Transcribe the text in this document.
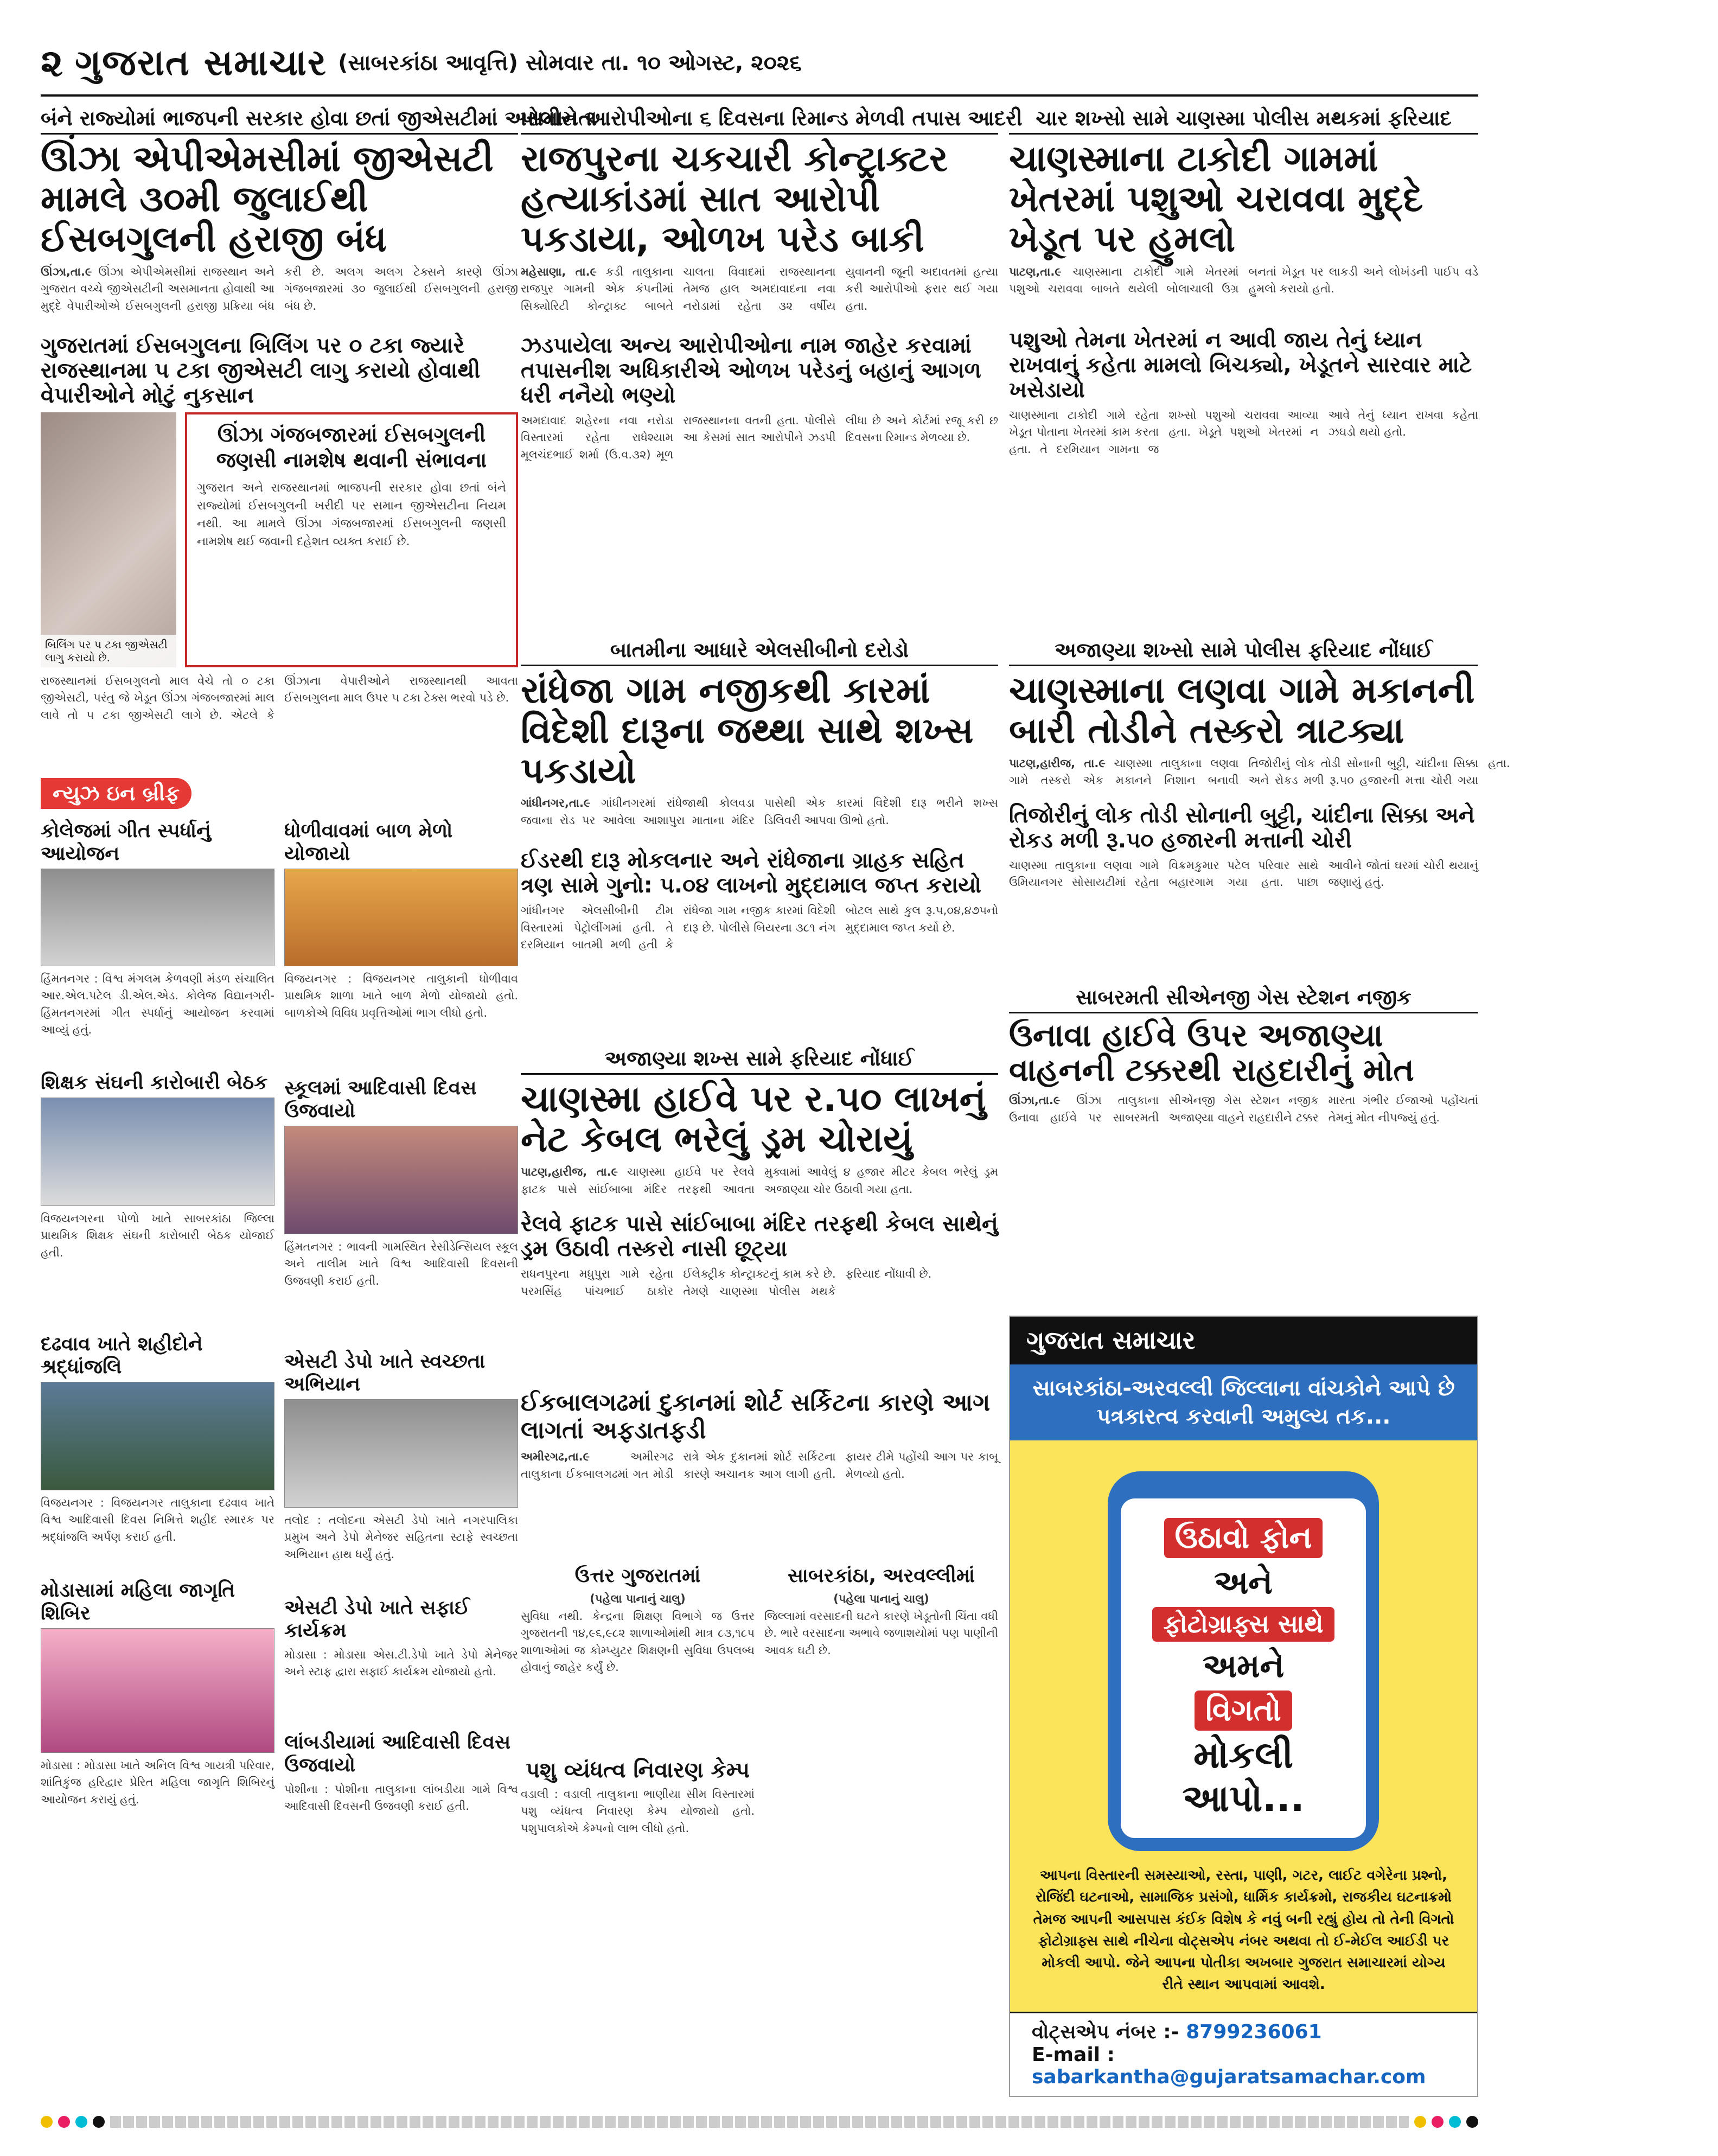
૨ ગુજરાત સમાચાર (સાબરકાંઠા આવૃત્તિ) સોમવાર તા. ૧૦ ઓગસ્ટ, ૨૦૨૬
બંને રાજ્યોમાં ભાજપની સરકાર હોવા છતાં જીએસટીમાં અસમાનતા
ઊંઝા એપીએમસીમાં જીએસટી મામલે ૩૦મી જુલાઈથી ઈસબગુલની હરાજી બંધ
ઊંઝા,તા.૯ ઊંઝા એપીએમસીમાં રાજસ્થાન અને ગુજરાત વચ્ચે જીએસટીની અસમાનતા હોવાથી આ મુદ્દે વેપારીઓએ ઈસબગુલની હરાજી પ્રક્રિયા બંધ કરી છે. અલગ અલગ ટેક્સને કારણે ઊંઝા ગંજબજારમાં ૩૦ જુલાઈથી ઈસબગુલની હરાજી બંધ છે.
ગુજરાતમાં ઈસબગુલના બિલિંગ પર ૦ ટકા જ્યારે રાજસ્થાનમા ૫ ટકા જીએસટી લાગુ કરાયો હોવાથી વેપારીઓને મોટું નુકસાન
બિલિંગ પર ૫ ટકા જીએસટી લાગુ કરાયો છે.
ઊંઝા ગંજબજારમાં ઈસબગુલની જણસી નામશેષ થવાની સંભાવના
ગુજરાત અને રાજસ્થાનમાં ભાજપની સરકાર હોવા છતાં બંને રાજ્યોમાં ઈસબગુલની ખરીદી પર સમાન જીએસટીના નિયમ નથી. આ મામલે ઊંઝા ગંજબજારમાં ઈસબગુલની જણસી નામશેષ થઈ જવાની દહેશત વ્યક્ત કરાઈ છે.
રાજસ્થાનમાં ઈસબગુલનો માલ વેચે તો ૦ ટકા જીએસટી, પરંતુ જે ખેડૂત ઊંઝા ગંજબજારમાં માલ લાવે તો ૫ ટકા જીએસટી લાગે છે. એટલે કે ઊંઝાના વેપારીઓને રાજસ્થાનથી આવતા ઈસબગુલના માલ ઉપર ૫ ટકા ટેક્સ ભરવો પડે છે.
ન્યુઝ ઇન બ્રીફ
કોલેજમાં ગીત સ્પર્ધાનું આયોજન
હિંમતનગર : વિશ્વ મંગલમ કેળવણી મંડળ સંચાલિત આર.એલ.પટેલ ડી.એલ.એડ. કોલેજ વિદ્યાનગરી-હિંમતનગરમાં ગીત સ્પર્ધાનું આયોજન કરવામાં આવ્યું હતું.
શિક્ષક સંઘની કારોબારી બેઠક
વિજયનગરના પોળો ખાતે સાબરકાંઠા જિલ્લા પ્રાથમિક શિક્ષક સંઘની કારોબારી બેઠક યોજાઈ હતી.
દઢવાવ ખાતે શહીદોને શ્રદ્ધાંજલિ
વિજયનગર : વિજયનગર તાલુકાના દઢવાવ ખાતે વિશ્વ આદિવાસી દિવસ નિમિત્તે શહીદ સ્મારક પર શ્રદ્ધાંજલિ અર્પણ કરાઈ હતી.
મોડાસામાં મહિલા જાગૃતિ શિબિર
મોડાસા : મોડાસા ખાતે અનિલ વિશ્વ ગાયત્રી પરિવાર, શાંતિકુંજ હરિદ્વાર પ્રેરિત મહિલા જાગૃતિ શિબિરનું આયોજન કરાયું હતું.
ધોળીવાવમાં બાળ મેળો યોજાયો
વિજયનગર : વિજયનગર તાલુકાની ધોળીવાવ પ્રાથમિક શાળા ખાતે બાળ મેળો યોજાયો હતો. બાળકોએ વિવિધ પ્રવૃત્તિઓમાં ભાગ લીધો હતો.
સ્કૂલમાં આદિવાસી દિવસ ઉજવાયો
હિંમતનગર : ભાવની ગામસ્થિત રેસીડેન્સિયલ સ્કૂલ અને તાલીમ ખાતે વિશ્વ આદિવાસી દિવસની ઉજવણી કરાઈ હતી.
એસટી ડેપો ખાતે સ્વચ્છતા અભિયાન
તલોદ : તલોદના એસટી ડેપો ખાતે નગરપાલિકા પ્રમુખ અને ડેપો મેનેજર સહિતના સ્ટાફે સ્વચ્છતા અભિયાન હાથ ધર્યું હતું.
એસટી ડેપો ખાતે સફાઈ કાર્યક્રમ
મોડાસા : મોડાસા એસ.ટી.ડેપો ખાતે ડેપો મેનેજર અને સ્ટાફ દ્વારા સફાઈ કાર્યક્રમ યોજાયો હતો.
લાંબડીયામાં આદિવાસી દિવસ ઉજવાયો
પોશીના : પોશીના તાલુકાના લાંબડીયા ગામે વિશ્વ આદિવાસી દિવસની ઉજવણી કરાઈ હતી.
પોલીસે આરોપીઓના ૬ દિવસના રિમાન્ડ મેળવી તપાસ આદરી
રાજપુરના ચકચારી કોન્ટ્રાક્ટર હત્યાકાંડમાં સાત આરોપી પકડાયા, ઓળખ પરેડ બાકી
મહેસાણા, તા.૯ કડી તાલુકાના રાજપુર ગામની એક કંપનીમાં સિક્યોરિટી કોન્ટ્રાક્ટ બાબતે ચાલતા વિવાદમાં રાજસ્થાનના તેમજ હાલ અમદાવાદના નવા નરોડામાં રહેતા ૩૨ વર્ષીય યુવાનની જૂની અદાવતમાં હત્યા કરી આરોપીઓ ફરાર થઈ ગયા હતા.
ઝડપાયેલા અન્ય આરોપીઓના નામ જાહેર કરવામાં તપાસનીશ અધિકારીએ ઓળખ પરેડનું બહાનું આગળ ધરી નનૈયો ભણ્યો
અમદાવાદ શહેરના નવા નરોડા વિસ્તારમાં રહેતા રાધેશ્યામ મૂલચંદભાઈ શર્મા (ઉ.વ.૩૨) મૂળ રાજસ્થાનના વતની હતા. પોલીસે આ કેસમાં સાત આરોપીને ઝડપી લીધા છે અને કોર્ટમાં રજૂ કરી છ દિવસના રિમાન્ડ મેળવ્યા છે.
બાતમીના આધારે એલસીબીનો દરોડો
રાંધેજા ગામ નજીકથી કારમાં વિદેશી દારૂના જથ્થા સાથે શખ્સ પકડાયો
ગાંધીનગર,તા.૯ ગાંધીનગરમાં રાંધેજાથી કોલવડા જવાના રોડ પર આવેલા આશાપુરા માતાના મંદિર પાસેથી એક કારમાં વિદેશી દારૂ ભરીને શખ્સ ડિલિવરી આપવા ઊભો હતો.
ઈડરથી દારૂ મોકલનાર અને રાંધેજાના ગ્રાહક સહિત ત્રણ સામે ગુનો: ૫.૦૪ લાખનો મુદ્દામાલ જપ્ત કરાયો
ગાંધીનગર એલસીબીની ટીમ વિસ્તારમાં પેટ્રોલીંગમાં હતી. તે દરમિયાન બાતમી મળી હતી કે રાંધેજા ગામ નજીક કારમાં વિદેશી દારૂ છે. પોલીસે બિયરના ૩૮૧ નંગ બોટલ સાથે કુલ રૂ.૫,૦૪,૪૭૫નો મુદ્દામાલ જપ્ત કર્યો છે.
અજાણ્યા શખ્સ સામે ફરિયાદ નોંધાઈ
ચાણસ્મા હાઈવે પર ર.૫૦ લાખનું નેટ કેબલ ભરેલું ડ્રમ ચોરાયું
પાટણ,હારીજ, તા.૯ ચાણસ્મા હાઈવે પર રેલવે ફાટક પાસે સાંઈબાબા મંદિર તરફથી આવતા મુક્વામાં આવેલું ૪ હજાર મીટર કેબલ ભરેલું ડ્રમ અજાણ્યા ચોર ઉઠાવી ગયા હતા.
રેલવે ફાટક પાસે સાંઈબાબા મંદિર તરફથી કેબલ સાથેનું ડ્રમ ઉઠાવી તસ્કરો નાસી છૂટ્યા
રાધનપુરના મધુપુરા ગામે રહેતા પરમસિંહ પાંચભાઈ ઠાકોર ઈલેક્ટ્રીક કોન્ટ્રાક્ટનું કામ કરે છે. તેમણે ચાણસ્મા પોલીસ મથકે ફરિયાદ નોંધાવી છે.
ઈકબાલગઢમાં દુકાનમાં શોર્ટ સર્કિટના કારણે આગ લાગતાં અફડાતફડી
અમીરગઢ,તા.૯	અમીરગઢ તાલુકાના ઈકબાલગઢમાં ગત મોડી રાત્રે એક દુકાનમાં શોર્ટ સર્કિટના કારણે અચાનક આગ લાગી હતી. ફાયર ટીમે પહોંચી આગ પર કાબૂ મેળવ્યો હતો.
ઉત્તર ગુજરાતમાં
(પહેલા પાનાનું ચાલુ)
સુવિધા નથી. કેન્દ્રના શિક્ષણ વિભાગે જ ઉત્તર ગુજરાતની ૧૪,૯૬,૯૮૨ શાળાઓમાંથી માત્ર ૮૩,૧૮૫ શાળાઓમાં જ કોમ્પ્યુટર શિક્ષણની સુવિધા ઉપલબ્ધ હોવાનું જાહેર કર્યું છે.
પશુ વ્યંધત્વ નિવારણ કેમ્પ
વડાલી : વડાલી તાલુકાના ભાણીયા સીમ વિસ્તારમાં પશુ વ્યંધત્વ નિવારણ કેમ્પ યોજાયો હતો. પશુપાલકોએ કેમ્પનો લાભ લીધો હતો.
સાબરકાંઠા, અરવલ્લીમાં
(પહેલા પાનાનું ચાલુ)
જિલ્લામાં વરસાદની ઘટને કારણે ખેડૂતોની ચિંતા વધી છે. ભારે વરસાદના અભાવે જળાશયોમાં પણ પાણીની આવક ઘટી છે.
ચાર શખ્સો સામે ચાણસ્મા પોલીસ મથકમાં ફરિયાદ
ચાણસ્માના ટાકોદી ગામમાં ખેતરમાં પશુઓ ચરાવવા મુદ્દે ખેડૂત પર હુમલો
પાટણ,તા.૯ ચાણસ્માના ટાકોદી ગામે ખેતરમાં પશુઓ ચરાવવા બાબતે થયેલી બોલાચાલી ઉગ્ર બનતાં ખેડૂત પર લાકડી અને લોખંડની પાઈપ વડે હુમલો કરાયો હતો.
પશુઓ તેમના ખેતરમાં ન આવી જાય તેનું ધ્યાન રાખવાનું કહેતા મામલો બિચક્યો, ખેડૂતને સારવાર માટે ખસેડાયો
ચાણસ્માના ટાકોદી ગામે રહેતા ખેડૂત પોતાના ખેતરમાં કામ કરતા હતા. તે દરમિયાન ગામના જ શખ્સો પશુઓ ચરાવવા આવ્યા હતા. ખેડૂતે પશુઓ ખેતરમાં ન આવે તેનું ધ્યાન રાખવા કહેતા ઝઘડો થયો હતો.
અજાણ્યા શખ્સો સામે પોલીસ ફરિયાદ નોંધાઈ
ચાણસ્માના લણવા ગામે મકાનની બારી તોડીને તસ્કરો ત્રાટક્યા
પાટણ,હારીજ, તા.૯ ચાણસ્મા તાલુકાના લણવા ગામે તસ્કરો એક મકાનને નિશાન બનાવી તિજોરીનું લોક તોડી સોનાની બુટ્ટી, ચાંદીના સિક્કા અને રોકડ મળી રૂ.૫૦ હજારની મત્તા ચોરી ગયા હતા.
તિજોરીનું લોક તોડી સોનાની બુટ્ટી, ચાંદીના સિક્કા અને રોકડ મળી રૂ.૫૦ હજારની મત્તાની ચોરી
ચાણસ્મા તાલુકાના લણવા ગામે ઉમિયાનગર સોસાયટીમાં રહેતા વિક્રમકુમાર પટેલ પરિવાર સાથે બહારગામ ગયા હતા. પાછા આવીને જોતાં ઘરમાં ચોરી થયાનું જણાયું હતું.
સાબરમતી સીએનજી ગેસ સ્ટેશન નજીક
ઉનાવા હાઈવે ઉપર અજાણ્યા વાહનની ટક્કરથી રાહદારીનું મોત
ઊંઝા,તા.૯ ઊંઝા તાલુકાના ઉનાવા હાઈવે પર સાબરમતી સીએનજી ગેસ સ્ટેશન નજીક અજાણ્યા વાહને રાહદારીને ટક્કર મારતા ગંભીર ઈજાઓ પહોંચતાં તેમનું મોત નીપજ્યું હતું.
ગુજરાત સમાચાર
સાબરકાંઠા-અરવલ્લી જિલ્લાના વાંચકોને આપે છે પત્રકારત્વ કરવાની અમુલ્ય તક...
ઉઠાવો ફોન
અને
ફોટોગ્રાફ્સ સાથે
અમને
વિગતો
મોકલી આપો...
આપના વિસ્તારની સમસ્યાઓ, રસ્તા, પાણી, ગટર, લાઈટ વગેરેના પ્રશ્નો, રોજિંદી ઘટનાઓ, સામાજિક પ્રસંગો, ધાર્મિક કાર્યક્રમો, રાજકીય ઘટનાક્રમો તેમજ આપની આસપાસ કંઈક વિશેષ કે નવું બની રહ્યું હોય તો તેની વિગતો ફોટોગ્રાફ્સ સાથે નીચેના વોટ્સએપ નંબર અથવા તો ઈ-મેઈલ આઈડી પર મોકલી આપો. જેને આપના પોતીકા અખબાર ગુજરાત સમાચારમાં યોગ્ય રીતે સ્થાન આપવામાં આવશે.
વોટ્સએપ નંબર :- 8799236061
E-mail : sabarkantha@gujaratsamachar.com
